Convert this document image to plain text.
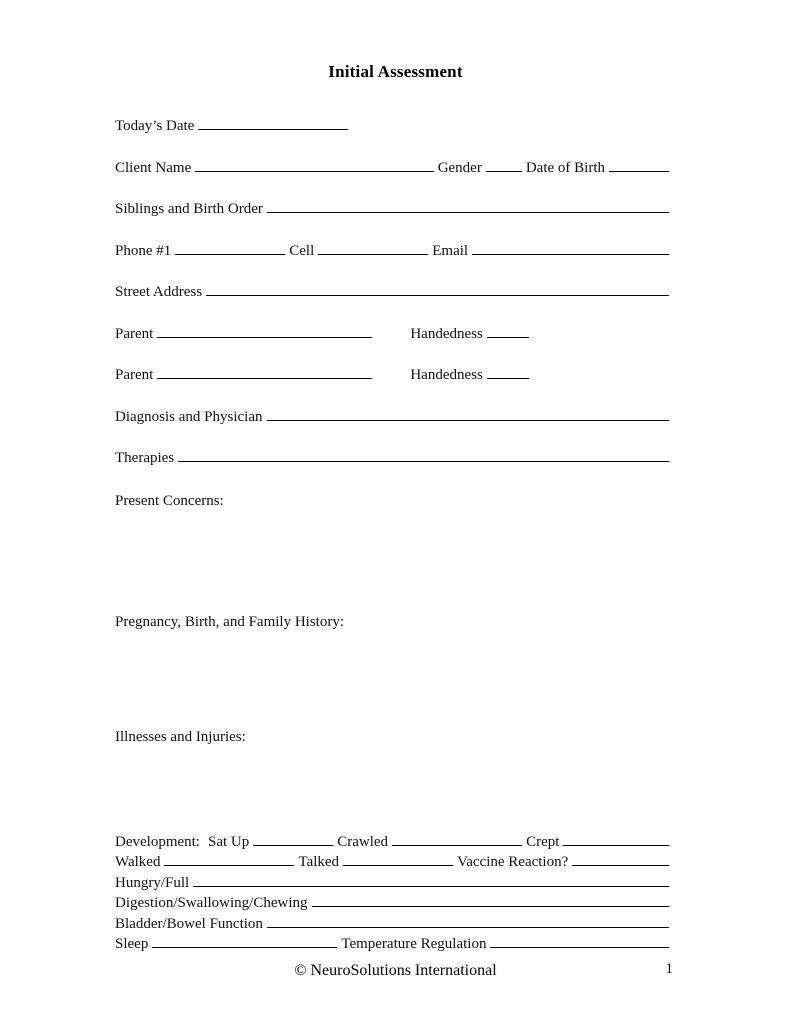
Initial Assessment
Today’s Date
Client Name	Gender	Date of Birth
Siblings and Birth Order
Phone #1	Cell	Email
Street Address
Parent	Handedness
Parent	Handedness
Diagnosis and Physician
Therapies
Present Concerns:
Pregnancy, Birth, and Family History:
Illnesses and Injuries:
Development: Sat Up	Crawled	Crept
Walked	Talked	Vaccine Reaction?
Hungry/Full
Digestion/Swallowing/Chewing
Bladder/Bowel Function
Sleep	Temperature Regulation
© NeuroSolutions International	1
